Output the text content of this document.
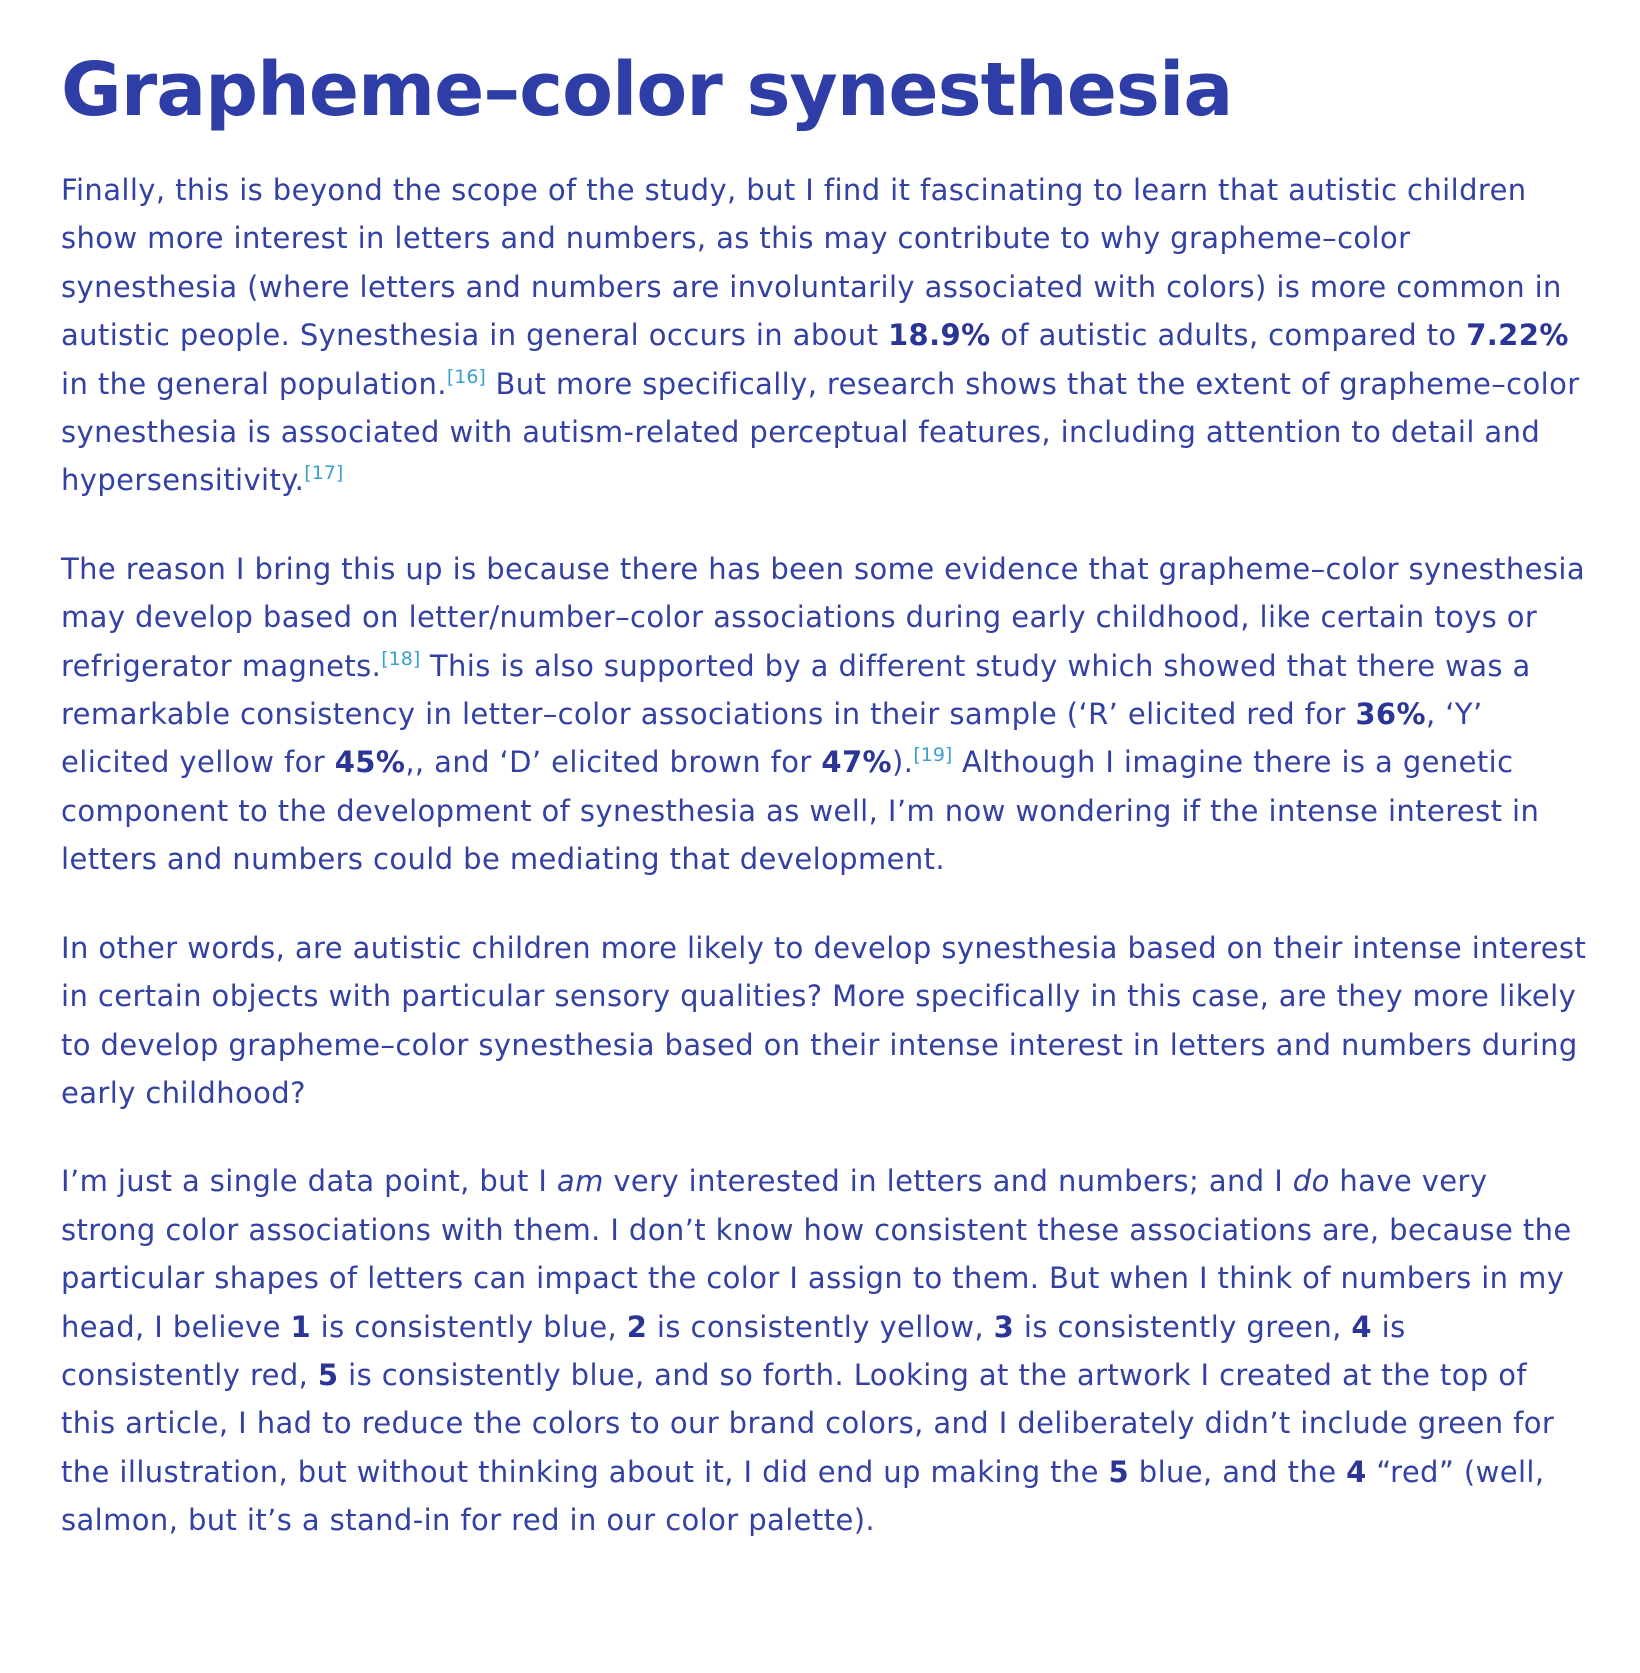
Grapheme–color synesthesia

Finally, this is beyond the scope of the study, but I find it fascinating to learn that autistic children show more interest in letters and numbers, as this may contribute to why grapheme–color synesthesia (where letters and numbers are involuntarily associated with colors) is more common in autistic people. Synesthesia in general occurs in about 18.9% of autistic adults, compared to 7.22% in the general population.[16] But more specifically, research shows that the extent of grapheme–color synesthesia is associated with autism-related perceptual features, including attention to detail and hypersensitivity.[17]

The reason I bring this up is because there has been some evidence that grapheme–color synesthesia may develop based on letter/number–color associations during early childhood, like certain toys or refrigerator magnets.[18] This is also supported by a different study which showed that there was a remarkable consistency in letter–color associations in their sample (‘R’ elicited red for 36%, ‘Y’ elicited yellow for 45%,, and ‘D’ elicited brown for 47%).[19] Although I imagine there is a genetic component to the development of synesthesia as well, I’m now wondering if the intense interest in letters and numbers could be mediating that development.

In other words, are autistic children more likely to develop synesthesia based on their intense interest in certain objects with particular sensory qualities? More specifically in this case, are they more likely to develop grapheme–color synesthesia based on their intense interest in letters and numbers during early childhood?

I’m just a single data point, but I am very interested in letters and numbers; and I do have very strong color associations with them. I don’t know how consistent these associations are, because the particular shapes of letters can impact the color I assign to them. But when I think of numbers in my head, I believe 1 is consistently blue, 2 is consistently yellow, 3 is consistently green, 4 is consistently red, 5 is consistently blue, and so forth. Looking at the artwork I created at the top of this article, I had to reduce the colors to our brand colors, and I deliberately didn’t include green for the illustration, but without thinking about it, I did end up making the 5 blue, and the 4 “red” (well, salmon, but it’s a stand-in for red in our color palette).
